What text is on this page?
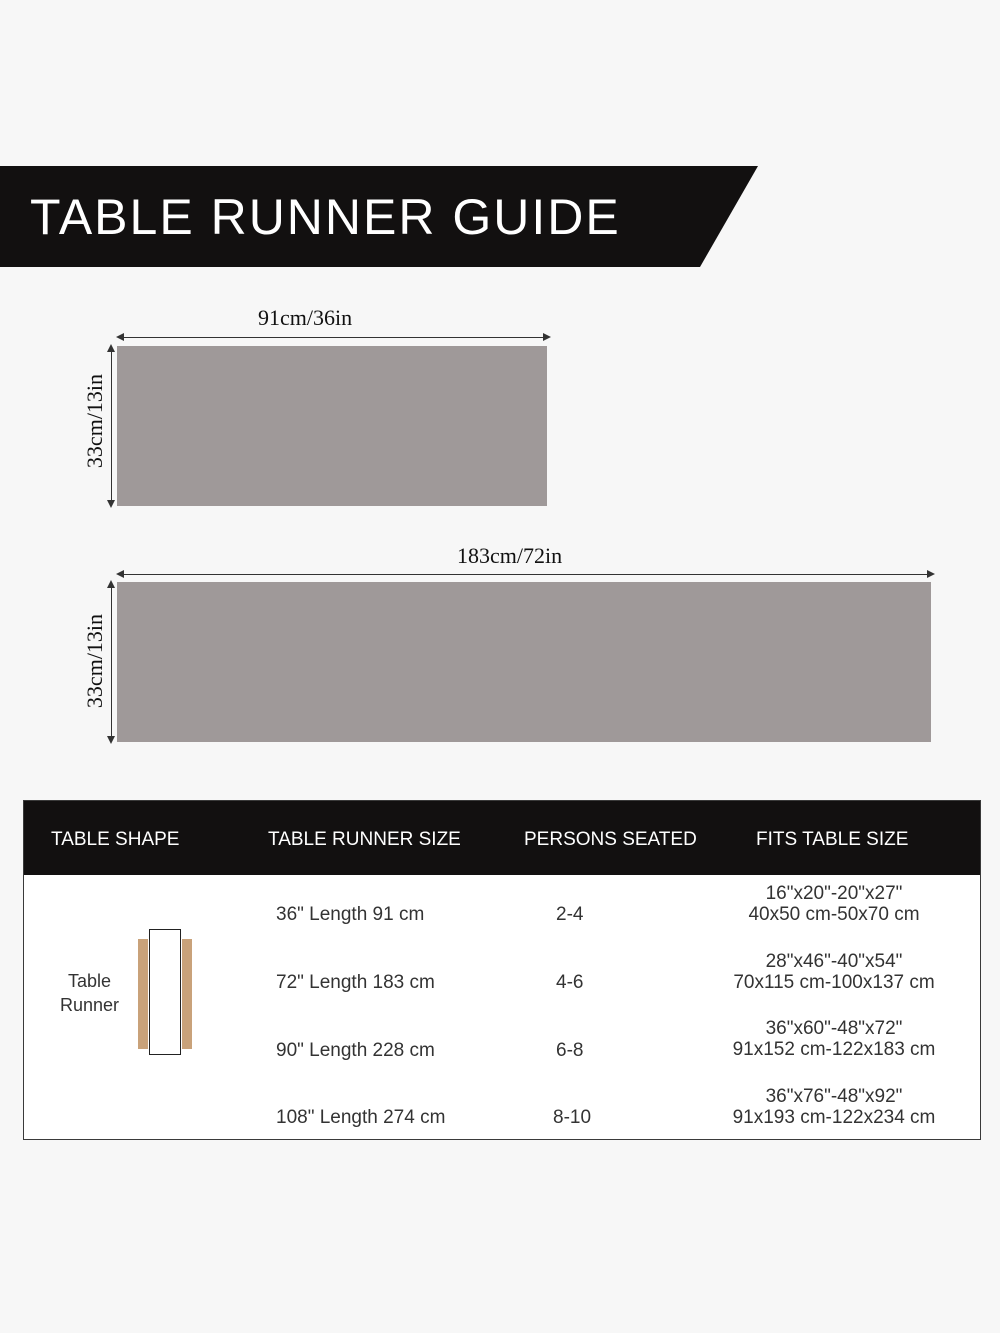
TABLE RUNNER GUIDE
91cm/36in
33cm/13in
183cm/72in
33cm/13in
TABLE SHAPE	TABLE RUNNER SIZE	PERSONS SEATED	FITS TABLE SIZE
Table
Runner
36" Length 91 cm	2-4
16"x20"-20"x27"
40x50 cm-50x70 cm
72" Length 183 cm	4-6
28"x46"-40"x54"
70x115 cm-100x137 cm
90" Length 228 cm	6-8
36"x60"-48"x72"
91x152 cm-122x183 cm
108" Length 274 cm	8-10
36"x76"-48"x92"
91x193 cm-122x234 cm
